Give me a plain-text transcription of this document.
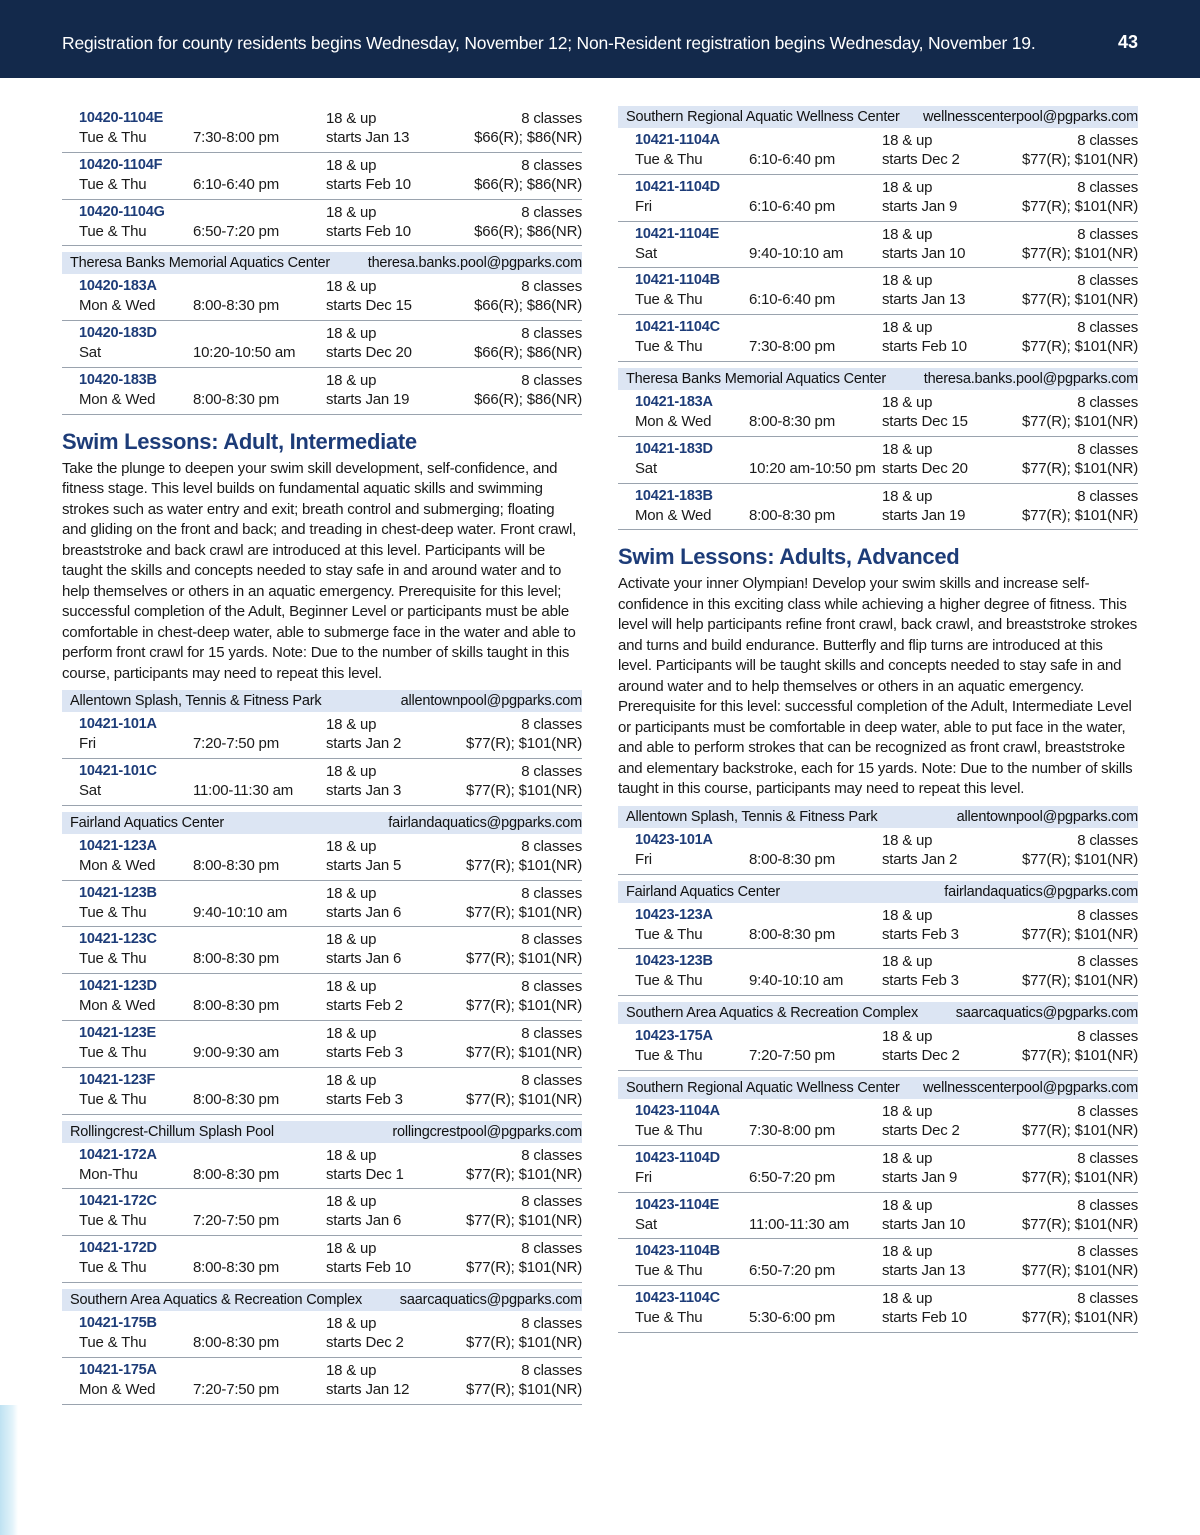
Registration for county residents begins Wednesday, November 12; Non-Resident registration begins Wednesday, November 19.	43
10420-1104E
Tue & Thu	7:30-8:00 pm
18 & up
starts Jan 13
8 classes
$66(R); $86(NR)
10420-1104F
Tue & Thu	6:10-6:40 pm
18 & up
starts Feb 10
8 classes
$66(R); $86(NR)
10420-1104G
Tue & Thu	6:50-7:20 pm
18 & up
starts Feb 10
8 classes
$66(R); $86(NR)
Theresa Banks Memorial Aquatics Center	theresa.banks.pool@pgparks.com
10420-183A
Mon & Wed	8:00-8:30 pm
18 & up
starts Dec 15
8 classes
$66(R); $86(NR)
10420-183D
Sat	10:20-10:50 am
18 & up
starts Dec 20
8 classes
$66(R); $86(NR)
10420-183B
Mon & Wed	8:00-8:30 pm
18 & up
starts Jan 19
8 classes
$66(R); $86(NR)
Swim Lessons: Adult, Intermediate
Take the plunge to deepen your swim skill development, self-confidence, and fitness stage. This level builds on fundamental aquatic skills and swimming strokes such as water entry and exit; breath control and submerging; floating and gliding on the front and back; and treading in chest-deep water. Front crawl, breaststroke and back crawl are introduced at this level. Participants will be taught the skills and concepts needed to stay safe in and around water and to help themselves or others in an aquatic emergency. Prerequisite for this level; successful completion of the Adult, Beginner Level or participants must be able comfortable in chest-deep water, able to submerge face in the water and able to perform front crawl for 15 yards. Note: Due to the number of skills taught in this course, participants may need to repeat this level.
Allentown Splash, Tennis & Fitness Park	allentownpool@pgparks.com
10421-101A
Fri	7:20-7:50 pm
18 & up
starts Jan 2
8 classes
$77(R); $101(NR)
10421-101C
Sat	11:00-11:30 am
18 & up
starts Jan 3
8 classes
$77(R); $101(NR)
Fairland Aquatics Center	fairlandaquatics@pgparks.com
10421-123A
Mon & Wed	8:00-8:30 pm
18 & up
starts Jan 5
8 classes
$77(R); $101(NR)
10421-123B
Tue & Thu	9:40-10:10 am
18 & up
starts Jan 6
8 classes
$77(R); $101(NR)
10421-123C
Tue & Thu	8:00-8:30 pm
18 & up
starts Jan 6
8 classes
$77(R); $101(NR)
10421-123D
Mon & Wed	8:00-8:30 pm
18 & up
starts Feb 2
8 classes
$77(R); $101(NR)
10421-123E
Tue & Thu	9:00-9:30 am
18 & up
starts Feb 3
8 classes
$77(R); $101(NR)
10421-123F
Tue & Thu	8:00-8:30 pm
18 & up
starts Feb 3
8 classes
$77(R); $101(NR)
Rollingcrest-Chillum Splash Pool	rollingcrestpool@pgparks.com
10421-172A
Mon-Thu	8:00-8:30 pm
18 & up
starts Dec 1
8 classes
$77(R); $101(NR)
10421-172C
Tue & Thu	7:20-7:50 pm
18 & up
starts Jan 6
8 classes
$77(R); $101(NR)
10421-172D
Tue & Thu	8:00-8:30 pm
18 & up
starts Feb 10
8 classes
$77(R); $101(NR)
Southern Area Aquatics & Recreation Complex	saarcaquatics@pgparks.com
10421-175B
Tue & Thu	8:00-8:30 pm
18 & up
starts Dec 2
8 classes
$77(R); $101(NR)
10421-175A
Mon & Wed	7:20-7:50 pm
18 & up
starts Jan 12
8 classes
$77(R); $101(NR)
Southern Regional Aquatic Wellness Center wellnesscenterpool@pgparks.com
10421-1104A
Tue & Thu	6:10-6:40 pm
18 & up
starts Dec 2
8 classes
$77(R); $101(NR)
10421-1104D
Fri	6:10-6:40 pm
18 & up
starts Jan 9
8 classes
$77(R); $101(NR)
10421-1104E
Sat	9:40-10:10 am
18 & up
starts Jan 10
8 classes
$77(R); $101(NR)
10421-1104B
Tue & Thu	6:10-6:40 pm
18 & up
starts Jan 13
8 classes
$77(R); $101(NR)
10421-1104C
Tue & Thu	7:30-8:00 pm
18 & up
starts Feb 10
8 classes
$77(R); $101(NR)
Theresa Banks Memorial Aquatics Center	theresa.banks.pool@pgparks.com
10421-183A
Mon & Wed	8:00-8:30 pm
18 & up
starts Dec 15
8 classes
$77(R); $101(NR)
10421-183D
Sat	10:20 am-10:50 pm
18 & up
starts Dec 20
8 classes
$77(R); $101(NR)
10421-183B
Mon & Wed	8:00-8:30 pm
18 & up
starts Jan 19
8 classes
$77(R); $101(NR)
Swim Lessons: Adults, Advanced
Activate your inner Olympian! Develop your swim skills and increase self-confidence in this exciting class while achieving a higher degree of fitness. This level will help participants refine front crawl, back crawl, and breaststroke strokes and turns and build endurance. Butterfly and flip turns are introduced at this level. Participants will be taught skills and concepts needed to stay safe in and around water and to help themselves or others in an aquatic emergency. Prerequisite for this level: successful completion of the Adult, Intermediate Level or participants must be comfortable in deep water, able to put face in the water, and able to perform strokes that can be recognized as front crawl, breaststroke and elementary backstroke, each for 15 yards. Note: Due to the number of skills taught in this course, participants may need to repeat this level.
Allentown Splash, Tennis & Fitness Park	allentownpool@pgparks.com
10423-101A
Fri	8:00-8:30 pm
18 & up
starts Jan 2
8 classes
$77(R); $101(NR)
Fairland Aquatics Center	fairlandaquatics@pgparks.com
10423-123A
Tue & Thu	8:00-8:30 pm
18 & up
starts Feb 3
8 classes
$77(R); $101(NR)
10423-123B
Tue & Thu	9:40-10:10 am
18 & up
starts Feb 3
8 classes
$77(R); $101(NR)
Southern Area Aquatics & Recreation Complex	saarcaquatics@pgparks.com
10423-175A
Tue & Thu	7:20-7:50 pm
18 & up
starts Dec 2
8 classes
$77(R); $101(NR)
Southern Regional Aquatic Wellness Center wellnesscenterpool@pgparks.com
10423-1104A
Tue & Thu	7:30-8:00 pm
18 & up
starts Dec 2
8 classes
$77(R); $101(NR)
10423-1104D
Fri	6:50-7:20 pm
18 & up
starts Jan 9
8 classes
$77(R); $101(NR)
10423-1104E
Sat	11:00-11:30 am
18 & up
starts Jan 10
8 classes
$77(R); $101(NR)
10423-1104B
Tue & Thu	6:50-7:20 pm
18 & up
starts Jan 13
8 classes
$77(R); $101(NR)
10423-1104C
Tue & Thu	5:30-6:00 pm
18 & up
starts Feb 10
8 classes
$77(R); $101(NR)
